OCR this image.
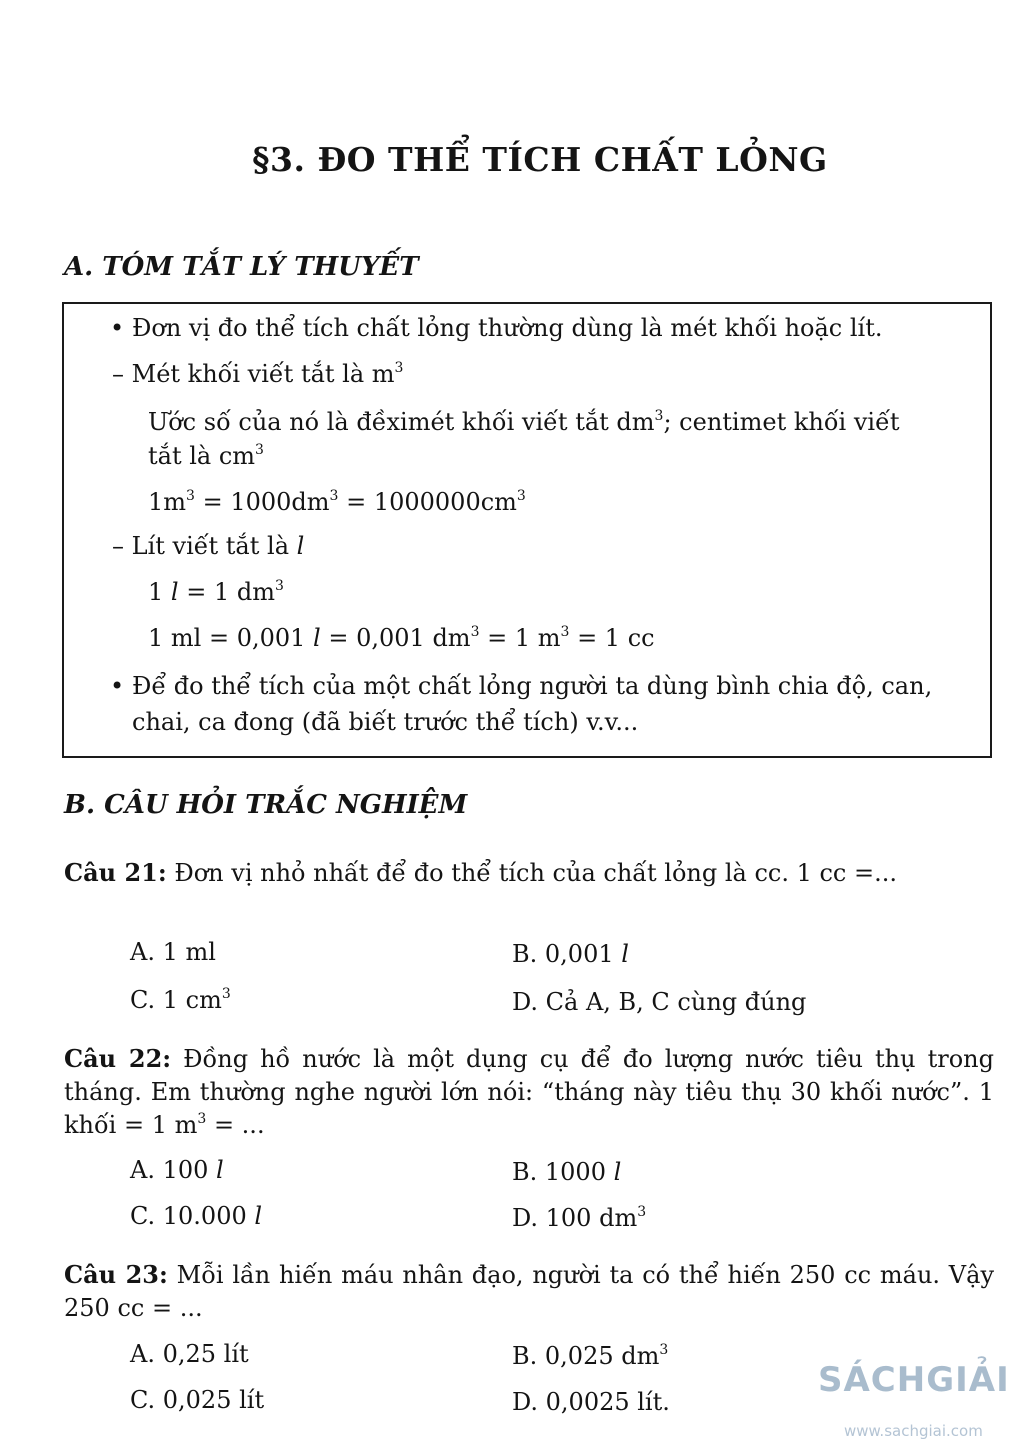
§3. ĐO THỂ TÍCH CHẤT LỎNG
A. TÓM TẮT LÝ THUYẾT
• Đơn vị đo thể tích chất lỏng thường dùng là mét khối hoặc lít.
– Mét khối viết tắt là $m^3$
Ước số của nó là đềximét khối viết tắt $dm^3$; centimet khối viết
tắt là $cm^3$
$1m^3 = 1000dm^3 = 1000000cm^3$
– Lít viết tắt là l
1 l = 1 $dm^3$
1 ml = 0,001 l = 0,001 $dm^3 = 1$ $m^3 = 1$ cc
• Để đo thể tích của một chất lỏng người ta dùng bình chia độ, can,
chai, ca đong (đã biết trước thể tích) v.v...
B. CÂU HỎI TRẮC NGHIỆM
Câu 21: Đơn vị nhỏ nhất để đo thể tích của chất lỏng là cc. 1 cc =...
A. 1 ml	B. 0,001 l
C. 1 $cm^3$	D. Cả A, B, C cùng đúng
Câu 22: Đồng hồ nước là một dụng cụ để đo lượng nước tiêu thụ trong tháng. Em thường nghe người lớn nói: “tháng này tiêu thụ 30 khối nước”. 1 khối = 1 $m^3$ = ...
A. 100 l	B. 1000 l
C. 10.000 l	D. 100 $dm^3$
Câu 23: Mỗi lần hiến máu nhân đạo, người ta có thể hiến 250 cc máu. Vậy 250 cc = ...
A. 0,25 lít	B. 0,025 $dm^3$
C. 0,025 lít	D. 0,0025 lít.
SÁCHGIẢI
www.sachgiai.com
